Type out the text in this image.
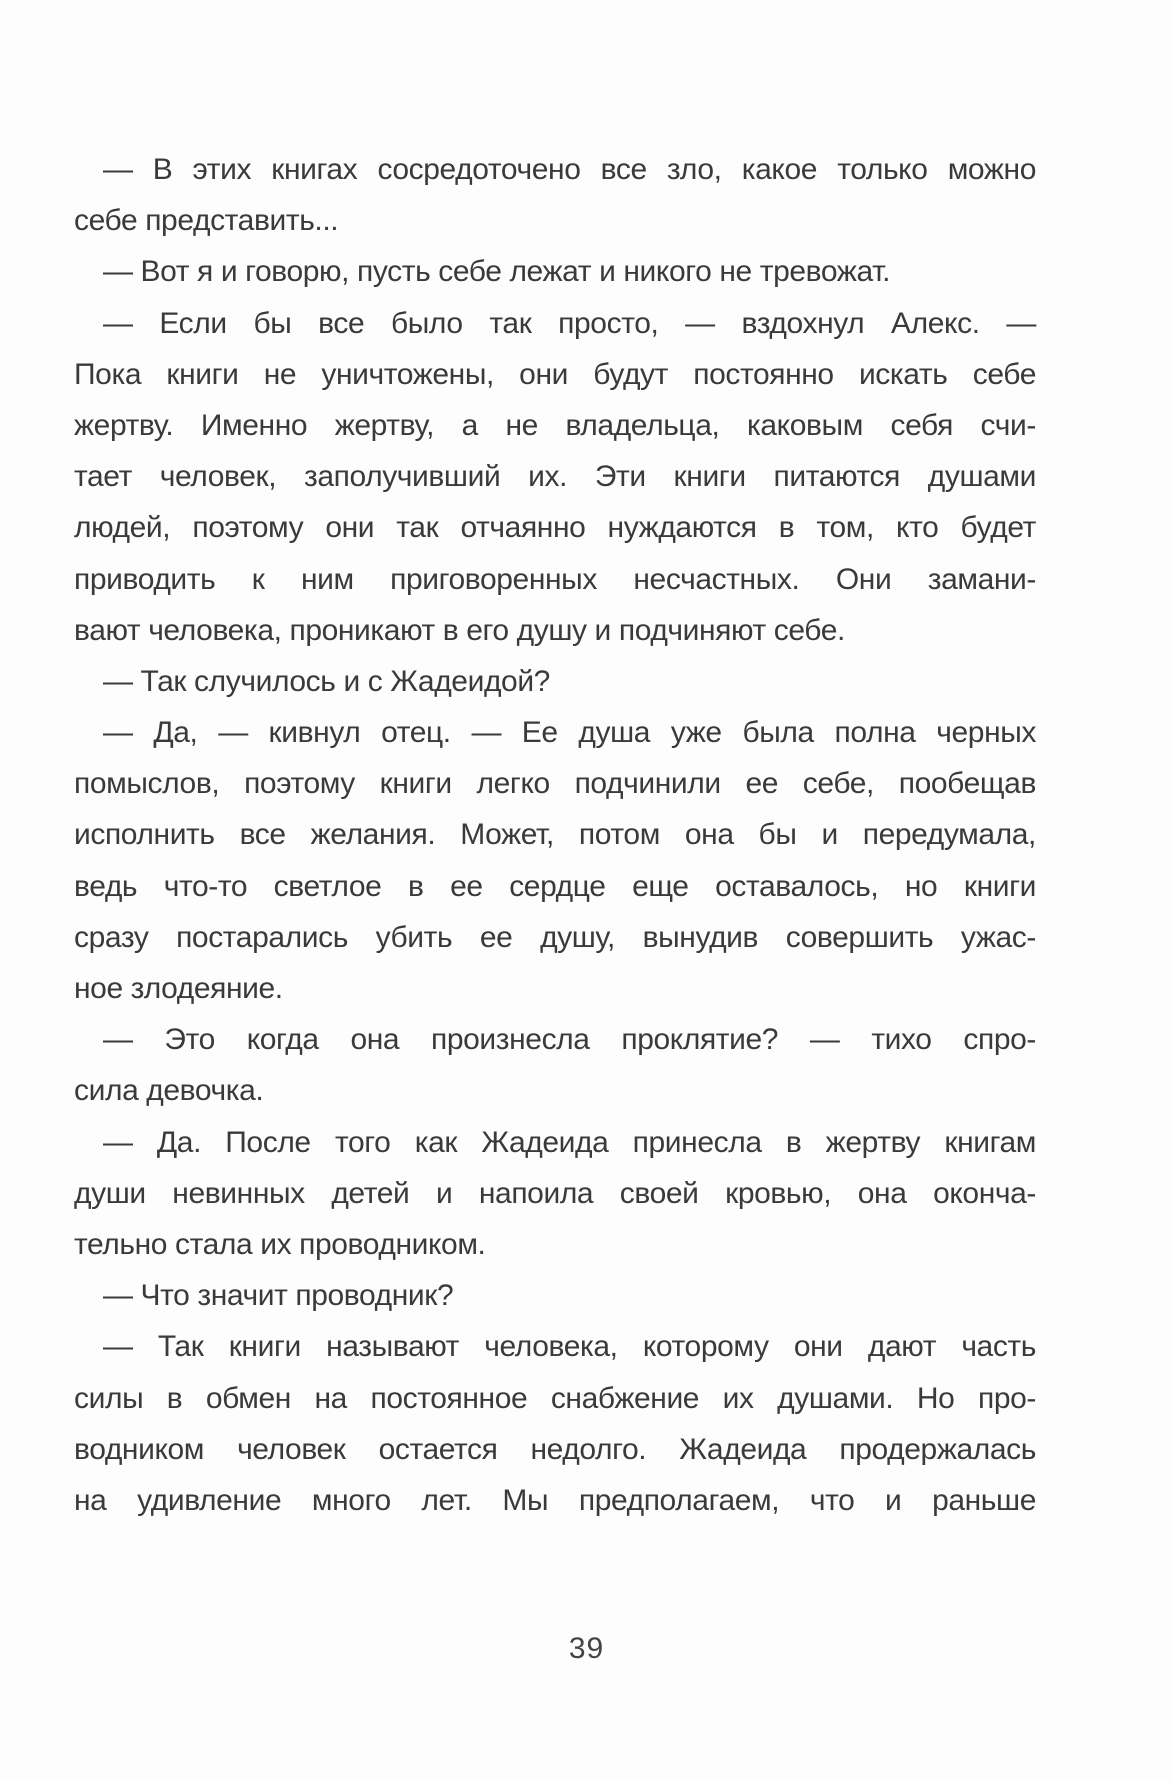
— В этих книгах сосредоточено все зло, какое только можно
себе представить...
— Вот я и говорю, пусть себе лежат и никого не тревожат.
— Если бы все было так просто, — вздохнул Алекс. —
Пока книги не уничтожены, они будут постоянно искать себе
жертву. Именно жертву, а не владельца, каковым себя счи-
тает человек, заполучивший их. Эти книги питаются душами
людей, поэтому они так отчаянно нуждаются в том, кто будет
приводить к ним приговоренных несчастных. Они замани-
вают человека, проникают в его душу и подчиняют себе.
— Так случилось и с Жадеидой?
— Да, — кивнул отец. — Ее душа уже была полна черных
помыслов, поэтому книги легко подчинили ее себе, пообещав
исполнить все желания. Может, потом она бы и передумала,
ведь что-то светлое в ее сердце еще оставалось, но книги
сразу постарались убить ее душу, вынудив совершить ужас-
ное злодеяние.
— Это когда она произнесла проклятие? — тихо спро-
сила девочка.
— Да. После того как Жадеида принесла в жертву книгам
души невинных детей и напоила своей кровью, она оконча-
тельно стала их проводником.
— Что значит проводник?
— Так книги называют человека, которому они дают часть
силы в обмен на постоянное снабжение их душами. Но про-
водником человек остается недолго. Жадеида продержалась
на удивление много лет. Мы предполагаем, что и раньше
39
